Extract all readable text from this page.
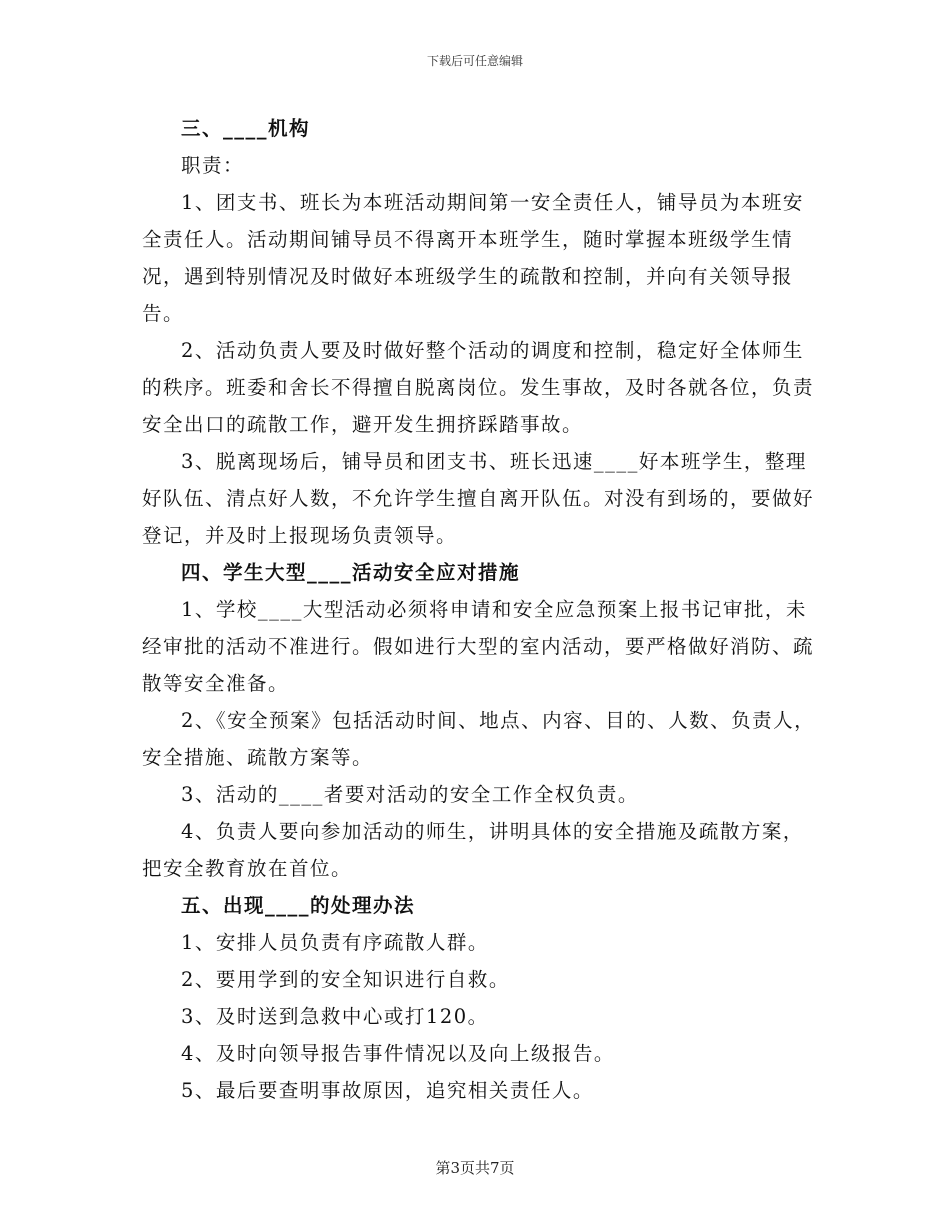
下载后可任意编辑

三、____机构

职责：

1、团支书、班长为本班活动期间第一安全责任人，铺导员为本班安全责任人。活动期间铺导员不得离开本班学生，随时掌握本班级学生情况，遇到特别情况及时做好本班级学生的疏散和控制，并向有关领导报告。

2、活动负责人要及时做好整个活动的调度和控制，稳定好全体师生的秩序。班委和舍长不得擅自脱离岗位。发生事故，及时各就各位，负责安全出口的疏散工作，避开发生拥挤踩踏事故。

3、脱离现场后，铺导员和团支书、班长迅速____好本班学生，整理好队伍、清点好人数，不允许学生擅自离开队伍。对没有到场的，要做好登记，并及时上报现场负责领导。

四、学生大型____活动安全应对措施

1、学校____大型活动必须将申请和安全应急预案上报书记审批，未经审批的活动不准进行。假如进行大型的室内活动，要严格做好消防、疏散等安全准备。

2、《安全预案》包括活动时间、地点、内容、目的、人数、负责人，安全措施、疏散方案等。

3、活动的____者要对活动的安全工作全权负责。

4、负责人要向参加活动的师生，讲明具体的安全措施及疏散方案，把安全教育放在首位。

五、出现____的处理办法

1、安排人员负责有序疏散人群。

2、要用学到的安全知识进行自救。

3、及时送到急救中心或打120。

4、及时向领导报告事件情况以及向上级报告。

5、最后要查明事故原因，追究相关责任人。

第3页共7页
